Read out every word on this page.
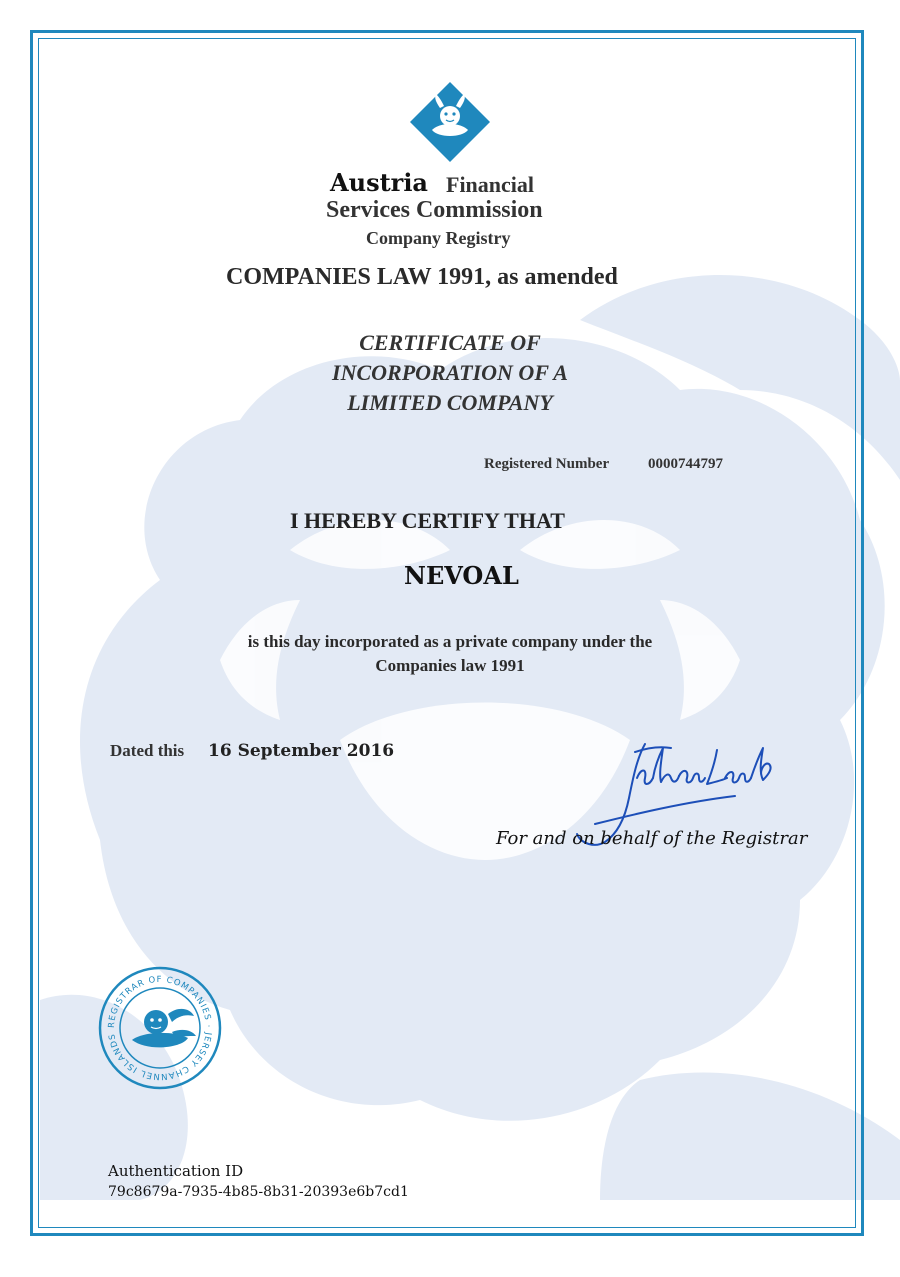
Austria Financial
Services Commission
Company Registry
COMPANIES LAW 1991, as amended
CERTIFICATE OF INCORPORATION OF A LIMITED COMPANY
Registered Number	0000744797
I HEREBY CERTIFY THAT
NEVOAL
is this day incorporated as a private company under the Companies law 1991
Dated this 16 September 2016
For and on behalf of the Registrar
REGISTRAR OF COMPANIES · JERSEY CHANNEL ISLANDS
Authentication ID
79c8679a-7935-4b85-8b31-20393e6b7cd1
